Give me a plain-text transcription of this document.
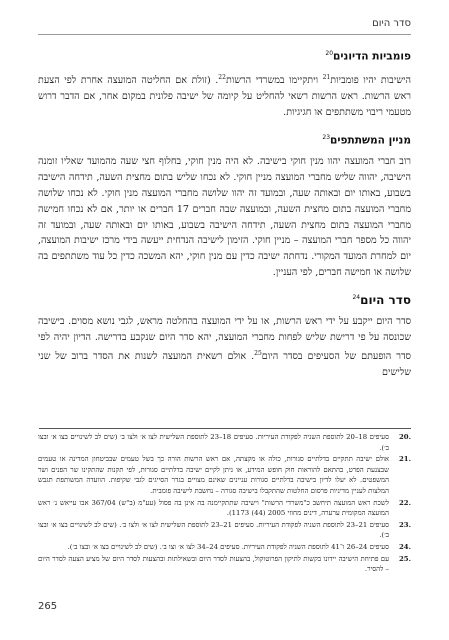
סדר היום
פומביות הדיונים$^{20}$

הישיבות יהיו פומביות$^{21}$ ויתקיימו במשרדי הרשות$^{22}$. (זולת אם החליטה המועצה אחרת לפי הצעת ראש הרשות. ראש הרשות רשאי להחליט על קיומה של ישיבה פלונית במקום אחר, אם הדבר דרוש מטעמי ריבוי משתתפים או חגיגיות.

מניין המשתתפים$^{23}$

רוב חברי המועצה יהוו מנין חוקי בישיבה. לא היה מנין חוקי, בחלוף חצי שעה מהמועד שאליו זומנה הישיבה, יהווה שליש מחברי המועצה מניין חוקי. לא נכחו שליש בתום מחצית השעה, תידחה הישיבה בשבוע, באותו יום ובאותה שעה, ובמועד זה יהוו שלושה מחברי המועצה מנין חוקי. לא נכחו שלושה מחברי המועצה בתום מחצית השעה, ובמועצה שבה חברים 17 חברים או יותר, אם לא נכחו חמישה מחברי המועצה בתום מחצית השעה, תידחה הישיבה בשבוע, באותו יום ובאותה שעה, ובמועד זה יהווה כל מספר חברי המועצה – מניין חוקי. הזימון לישיבה הנדחית ייעשה בידי מרכז ישיבות המועצה, יום למחרת המועד המקורי. נדחתה ישיבה כדין עם מנין חוקי, יהא המשכה כדין כל עוד משתתפים בה שלושה או חמישה חברים, לפי העניין.

סדר היום$^{24}$

סדר היום ייקבע על ידי ראש הרשות, או על ידי המועצה בהחלטה מראש, לגבי נושא מסוים. בישיבה שכונסה על פי דרישת שליש לפחות מחברי המועצה, יהא סדר היום שנקבע בדרישה. הדיון יהיה לפי סדר הופעתם של הסעיפים בסדר היום$^{25}$. אולם רשאית המועצה לשנות את הסדר ברוב של שני שלישים

.20
סעיפים 18–20 לתוספת השניה לפקודת העיריות. סעיפים 18–23 לתוספת השלישית לצו א׳ ולצו ב׳ (שים לב לשינויים בצו א׳ ובצו ב׳).
.21
אולם ישיבה תתקיים בדלתיים סגורות, כולה או מקצתה, אם ראש הרשות הורה כך בשל טעמים שבביטחון המדינה או טעמים שבצנעת הפרט, בהתאם להוראות חוק חופש המידע, או ניתן לקיים ישיבה בדלתיים סגורות, לפי תקנות שהתקינו שר הפנים ושר המשפטים. לא יעלו לדיון בישיבה בדלתיים סגורות עניינים שאינם מצויים בגדר הסייגים לגבי שקיפות. הוועדה המשותפת תגבש המלצות לעניין מדיניות פרסום החלטות שהתקבלו בישיבה סגורה – נחשבת לישיבה פומבית.
.22
לשכת ראש המועצה תיחשב כ"משרדי הרשות" וישיבה שתתקיימנה בה אינן בה פסול (עע"מ (ב"ש) 367/04 אבו עייאש נ׳ ראש המועצה המקומית ערערה, דינים מחוזי 2005 (44) 1173).
.23
סעיפים 21–23 לתוספת השניה לפקודת העיריות. סעיפים 21–23 לתוספת השלישית לצו א׳ ולצו ב׳. (שים לב לשינויים בצו א׳ ובצו ב׳).
.24
סעיפים 24–26 ו־41 לתוספת השניה לפקודת העיריות. סעיפים 24–34 לצו א׳ וצו ב׳. (שים לב לשינויים בצו א׳ ובצו ב׳).
.25
עם פתיחת הישיבה יידונו בקשות לתיקון הפרוטוקול, בהצעות לסדר היום ובשאילתות ובהצעות לסדר היום של מציע הצעה לסדר היום – להסיר.
265
